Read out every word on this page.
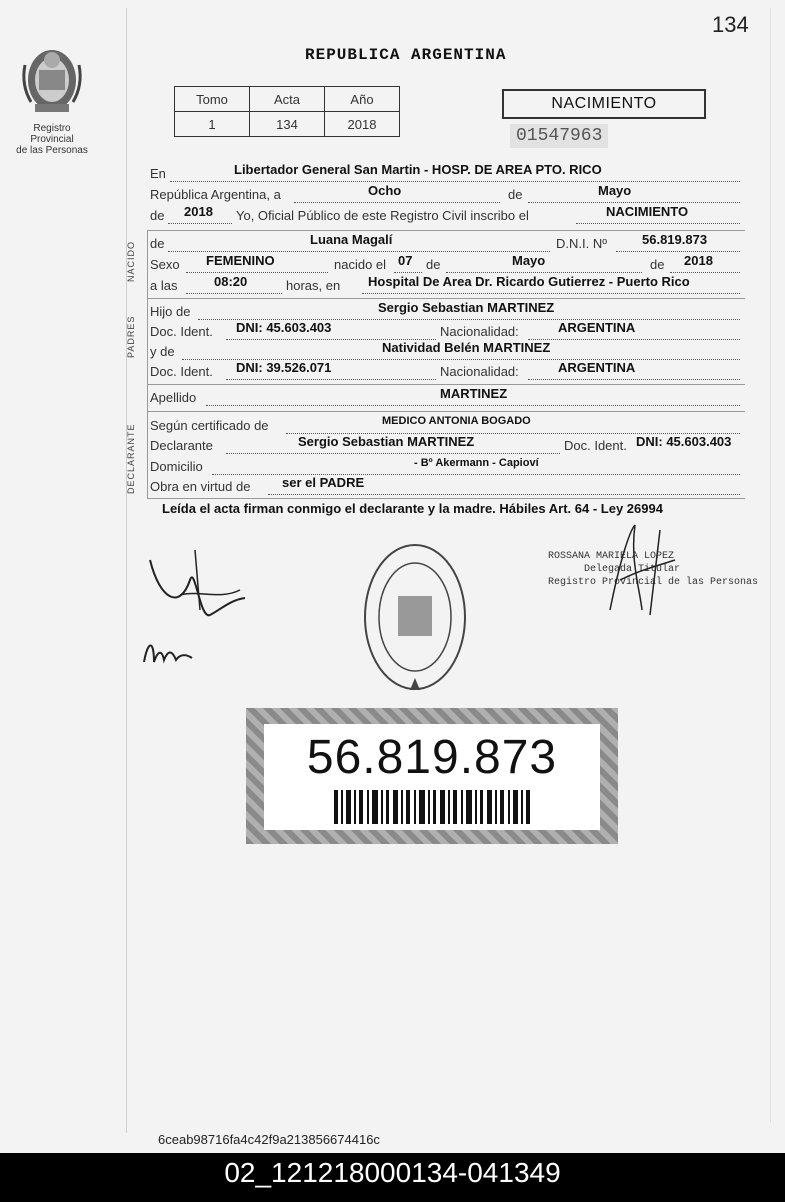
134
Registro Provincial
de las Personas
REPUBLICA ARGENTINA
Tomo	Acta	Año
1	134	2018
NACIMIENTO
01547963
En	Libertador General San Martin - HOSP. DE AREA PTO. RICO
República Argentina, a	Ocho	de	Mayo
de 2018 Yo, Oficial Público de este Registro Civil inscribo el	NACIMIENTO
NACIDO de	Luana Magalí	D.N.I. Nº	56.819.873
Sexo FEMENINO	nacido el 07 de	Mayo	de 2018
a las	08:20	horas, en Hospital De Area Dr. Ricardo Gutierrez - Puerto Rico
PADRES
Hijo de	Sergio Sebastian MARTINEZ
Doc. Ident. DNI: 45.603.403	Nacionalidad:	ARGENTINA
y de	Natividad Belén MARTINEZ
Doc. Ident. DNI: 39.526.071	Nacionalidad:	ARGENTINA
Apellido	MARTINEZ
DECLARANTE Según certificado de	MEDICO ANTONIA BOGADO
Declarante	Sergio Sebastian MARTINEZ	Doc. Ident. DNI: 45.603.403
Domicilio	- Bº Akermann - Capioví
Obra en virtud de ser el PADRE
Leída el acta firman conmigo el declarante y la madre. Hábiles Art. 64 - Ley 26994
ROSSANA MARIELA LOPEZ
Delegada Titular
Registro Provincial de las Personas
56.819.873
6ceab98716fa4c42f9a213856674416c
02_121218000134-041349
